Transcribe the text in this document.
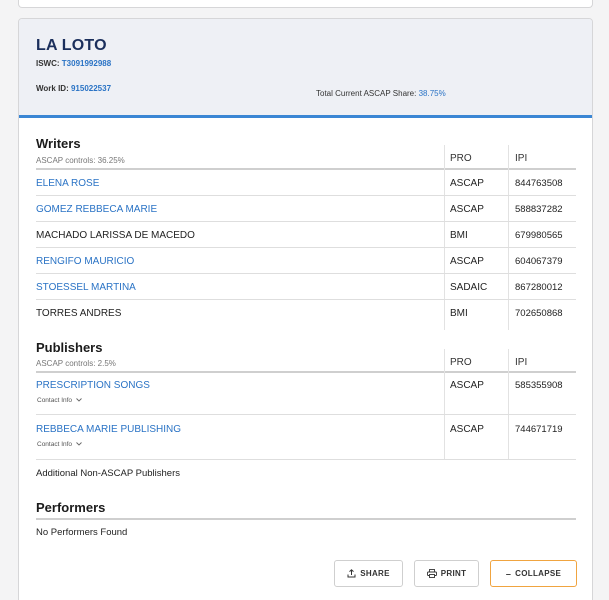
LA LOTO
ISWC: T3091992988
Work ID: 915022537
Total Current ASCAP Share: 38.75%
Writers
ASCAP controls: 36.25%	PRO	IPI
ELENA ROSE	ASCAP	844763508
GOMEZ REBBECA MARIE	ASCAP	588837282
MACHADO LARISSA DE MACEDO	BMI	679980565
RENGIFO MAURICIO	ASCAP	604067379
STOESSEL MARTINA	SADAIC	867280012
TORRES ANDRES	BMI	702650868
Publishers
ASCAP controls: 2.5%	PRO	IPI
PRESCRIPTION SONGS
Contact Info
ASCAP	585355908
REBBECA MARIE PUBLISHING
Contact Info
ASCAP	744671719
Additional Non-ASCAP Publishers
Performers
No Performers Found
SHARE	PRINT	– COLLAPSE
